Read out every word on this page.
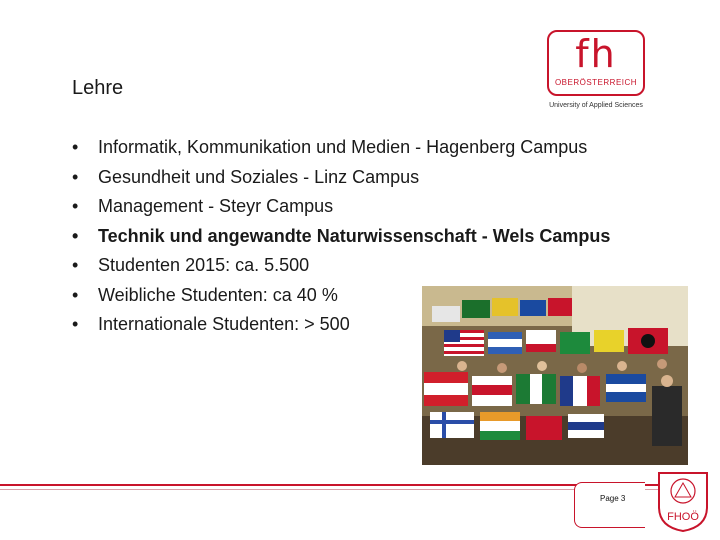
Lehre
fh
OBERÖSTERREICH
University of Applied Sciences
• Informatik, Kommunikation und Medien - Hagenberg Campus
• Gesundheit und Soziales - Linz Campus
• Management - Steyr Campus
• Technik und angewandte Naturwissenschaft - Wels Campus
• Studenten 2015: ca. 5.500
• Weibliche Studenten: ca 40 %
• Internationale Studenten: > 500
Page 3
FHOÖ
